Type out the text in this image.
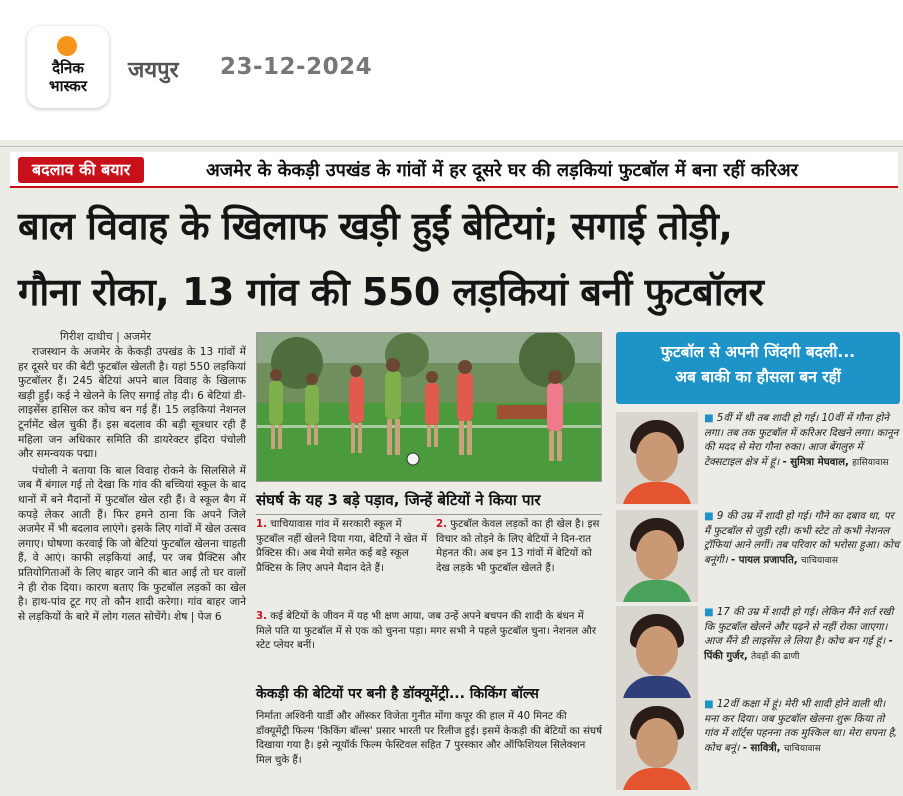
दैनिक
भास्कर
जयपुर 23-12-2024
बदलाव की बयार	अजमेर के केकड़ी उपखंड के गांवों में हर दूसरे घर की लड़कियां फुटबॉल में बना रहीं करिअर
बाल विवाह के खिलाफ खड़ी हुईं बेटियां; सगाई तोड़ी,
गौना रोका, 13 गांव की 550 लड़कियां बनीं फुटबॉलर
गिरीश दाधीच | अजमेर

राजस्थान के अजमेर के केकड़ी उपखंड के 13 गांवों में हर दूसरे घर की बेटी फुटबॉल खेलती है। यहां 550 लड़कियां फुटबॉलर हैं। 245 बेटियां अपने बाल विवाह के खिलाफ खड़ी हुईं। कई ने खेलने के लिए सगाई तोड़ दी। 6 बेटियां डी-लाइसेंस हासिल कर कोच बन गई हैं। 15 लड़कियां नेशनल टूर्नामेंट खेल चुकी हैं। इस बदलाव की बड़ी सूत्रधार रही हैं महिला जन अधिकार समिति की डायरेक्टर इंदिरा पंचोली और समन्वयक पद्मा।

पंचोली ने बताया कि बाल विवाह रोकने के सिलसिले में जब मैं बंगाल गई तो देखा कि गांव की बच्चियां स्कूल के बाद थानों में बने मैदानों में फुटबॉल खेल रही हैं। वे स्कूल बैग में कपड़े लेकर आती हैं। फिर हमने ठाना कि अपने जिले अजमेर में भी बदलाव लाएंगे। इसके लिए गांवों में खेल उत्सव लगाए। घोषणा करवाई कि जो बेटियां फुटबॉल खेलना चाहती हैं, वे आएं। काफी लड़कियां आईं, पर जब प्रैक्टिस और प्रतियोगिताओं के लिए बाहर जाने की बात आई तो घर वालों ने ही रोक दिया। कारण बताए कि फुटबॉल लड़कों का खेल है। हाथ-पांव टूट गए तो कौन शादी करेगा। गांव बाहर जाने से लड़कियों के बारे में लोग गलत सोचेंगे। शेष | पेज 6

संघर्ष के यह 3 बड़े पड़ाव, जिन्हें बेटियों ने किया पार
1. चाचियावास गांव में सरकारी स्कूल में फुटबॉल नहीं खेलने दिया गया, बेटियों ने खेत में प्रैक्टिस की। अब मेयो समेत कई बड़े स्कूल प्रैक्टिस के लिए अपने मैदान देते हैं।
2. फुटबॉल केवल लड़कों का ही खेल है। इस विचार को तोड़ने के लिए बेटियों ने दिन-रात मेहनत की। अब इन 13 गांवों में बेटियों को देख लड़के भी फुटबॉल खेलते हैं।
3. कई बेटियों के जीवन में यह भी क्षण आया, जब उन्हें अपने बचपन की शादी के बंधन में मिले पति या फुटबॉल में से एक को चुनना पड़ा। मगर सभी ने पहले फुटबॉल चुना। नेशनल और स्टेट प्लेयर बनीं।
केकड़ी की बेटियों पर बनी है डॉक्यूमेंट्री... किकिंग बॉल्स
निर्माता अश्विनी यार्डी और ऑस्कर विजेता गुनीत मोंगा कपूर की हाल में 40 मिनट की डॉक्यूमेंट्री फिल्म 'किकिंग बॉल्स' प्रसार भारती पर रिलीज हुई। इसमें केकड़ी की बेटियों का संघर्ष दिखाया गया है। इसे न्यूयॉर्क फिल्म फेस्टिवल सहित 7 पुरस्कार और ऑफिशियल सिलेक्शन मिल चुके हैं।
फुटबॉल से अपनी जिंदगी बदली...
अब बाकी का हौसला बन रहीं
■ 5वीं में थी तब शादी हो गई। 10वीं में गौना होने लगा। तब तक फुटबॉल में करिअर दिखने लगा। कानून की मदद से मेरा गौना रुका। आज बेंगलुरु में टेक्सटाइल क्षेत्र में हूं। - सुमित्रा मेघवाल, हासियावास
■ 9 की उम्र में शादी हो गई। गौने का दबाव था, पर मैं फुटबॉल से जुड़ी रही। कभी स्टेट तो कभी नेशनल ट्रॉफियां आने लगीं। तब परिवार को भरोसा हुआ। कोच बनूंगी। - पायल प्रजापति, चाचियावास
■ 17 की उम्र में शादी हो गई। लेकिन मैंने शर्त रखी कि फुटबॉल खेलने और पढ़ने से नहीं रोका जाएगा। आज मैंने डी लाइसेंस ले लिया है। कोच बन गई हूं। - पिंकी गुर्जर, तेवड़ों की ढाणी
■ 12वीं कक्षा में हूं। मेरी भी शादी होने वाली थी। मना कर दिया। जब फुटबॉल खेलना शुरू किया तो गांव में शॉर्ट्स पहनना तक मुश्किल था। मेरा सपना है, कोच बनूं। - सावित्री, चाचियावास
